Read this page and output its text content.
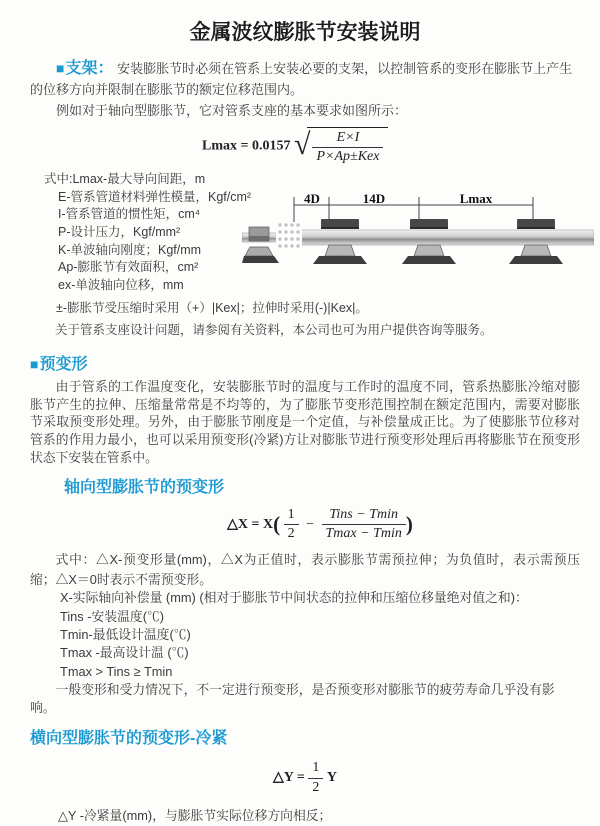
金属波纹膨胀节安装说明

■支架： 安装膨胀节时必须在管系上安装必要的支架，以控制管系的变形在膨胀节上产生的位移方向并限制在膨胀节的额定位移范围内。

例如对于轴向型膨胀节，它对管系支座的基本要求如图所示：

Lmax = 0.0157 √ $\frac{E\times I}{\text{P×Ap±Kex}}$
式中:Lmax-最大导向间距，m
E-管系管道材料弹性模量，Kgf/cm²
I-管系管道的惯性矩，cm⁴
P-设计压力，Kgf/mm²
K-单波轴向刚度；Kgf/mm
Ap-膨胀节有效面积，cm²
ex-单波轴向位移，mm
4D	14D	Lmax
±-膨胀节受压缩时采用（+）|Kex|；拉伸时采用(-)|Kex|。
关于管系支座设计问题，请参阅有关资料，本公司也可为用户提供咨询等服务。
■预变形

由于管系的工作温度变化，安装膨胀节时的温度与工作时的温度不同，管系热膨胀冷缩对膨胀节产生的拉伸、压缩量常常是不均等的，为了膨胀节变形范围控制在额定范围内，需要对膨胀节采取预变形处理。另外，由于膨胀节刚度是一个定值，与补偿量成正比。为了使膨胀节位移对管系的作用力最小，也可以采用预变形(冷紧)方让对膨胀节进行预变形处理后再将膨胀节在预变形状态下安装在管系中。

轴向型膨胀节的预变形
△X = $X( \frac{1}{2} - \frac{\text{Tins − Tmin}}{Tmax - Tmin}$ )

式中：△X-预变形量(mm)，△X为正值时，表示膨胀节需预拉伸；为负值时，表示需预压缩；△X＝0时表示不需预变形。

X-实际轴向补偿量 (mm) (相对于膨胀节中间状态的拉伸和压缩位移量绝对值之和)：
Tins -安装温度(℃)
Tmin-最低设计温度(℃)
Tmax -最高设计温 (℃)
Tmax > Tins ≥ Tmin
一般变形和受力情况下，不一定进行预变形，是否预变形对膨胀节的疲劳寿命几乎没有影响。
横向型膨胀节的预变形-冷紧
△Y = $\frac{1}{2}$ Y
△Y -冷紧量(mm)，与膨胀节实际位移方向相反；
